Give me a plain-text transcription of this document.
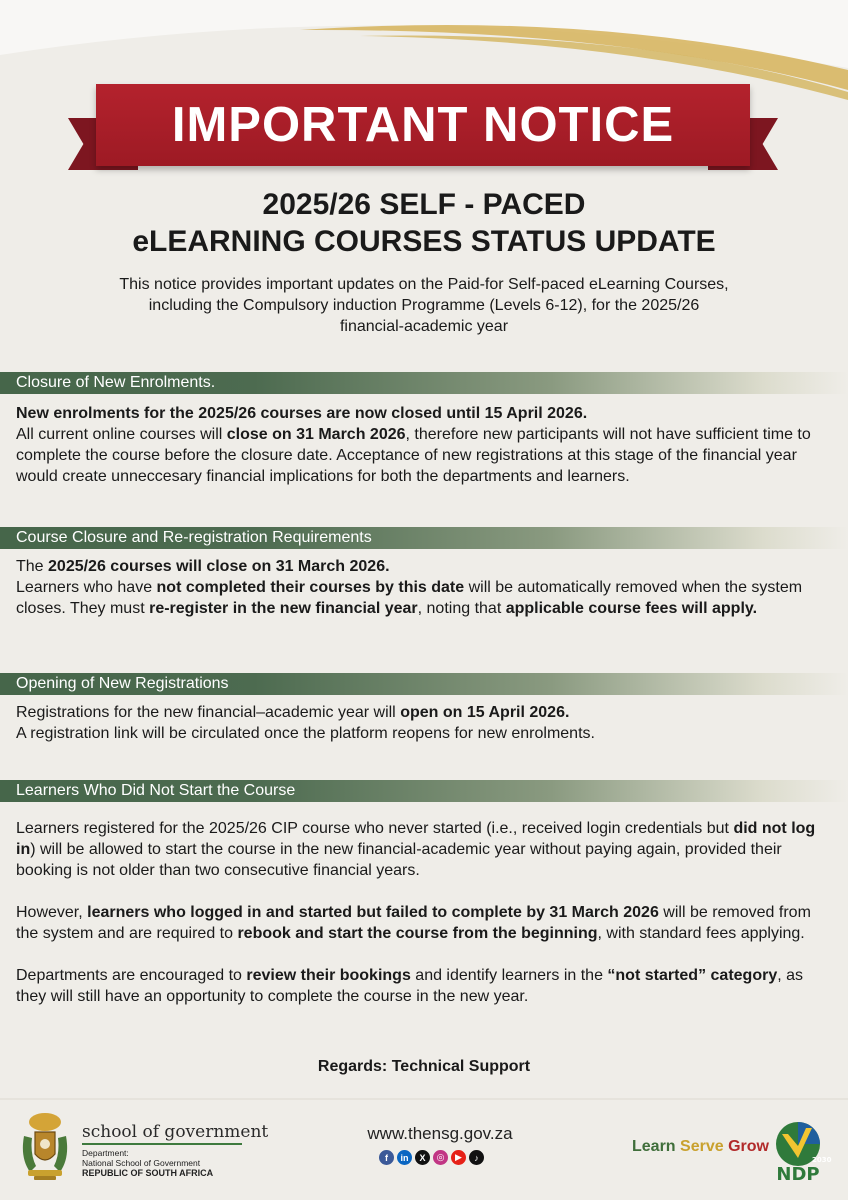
IMPORTANT NOTICE
2025/26 SELF - PACED
eLEARNING COURSES STATUS UPDATE
This notice provides important updates on the Paid-for Self-paced eLearning Courses,
including the Compulsory induction Programme (Levels 6-12), for the 2025/26
financial-academic year
Closure of New Enrolments.

New enrolments for the 2025/26 courses are now closed until 15 April 2026.

All current online courses will close on 31 March 2026, therefore new participants will not have sufficient time to complete the course before the closure date. Acceptance of new registrations at this stage of the financial year would create unneccesary financial implications for both the departments and learners.

Course Closure and Re-registration Requirements

The 2025/26 courses will close on 31 March 2026.

Learners who have not completed their courses by this date will be automatically removed when the system closes. They must re-register in the new financial year, noting that applicable course fees will apply.

Opening of New Registrations

Registrations for the new financial–academic year will open on 15 April 2026.

A registration link will be circulated once the platform reopens for new enrolments.

Learners Who Did Not Start the Course

Learners registered for the 2025/26 CIP course who never started (i.e., received login credentials but did not log in) will be allowed to start the course in the new financial-academic year without paying again, provided their booking is not older than two consecutive financial years.

However, learners who logged in and started but failed to complete by 31 March 2026 will be removed from the system and are required to rebook and start the course from the beginning, with standard fees applying.

Departments are encouraged to review their bookings and identify learners in the “not started” category, as they will still have an opportunity to complete the course in the new year.

Regards: Technical Support
school of government
Department:
National School of Government
REPUBLIC OF SOUTH AFRICA
www.thensg.gov.za
f	in	X	◎	▶	♪
Learn Serve Grow
2030
NDP
